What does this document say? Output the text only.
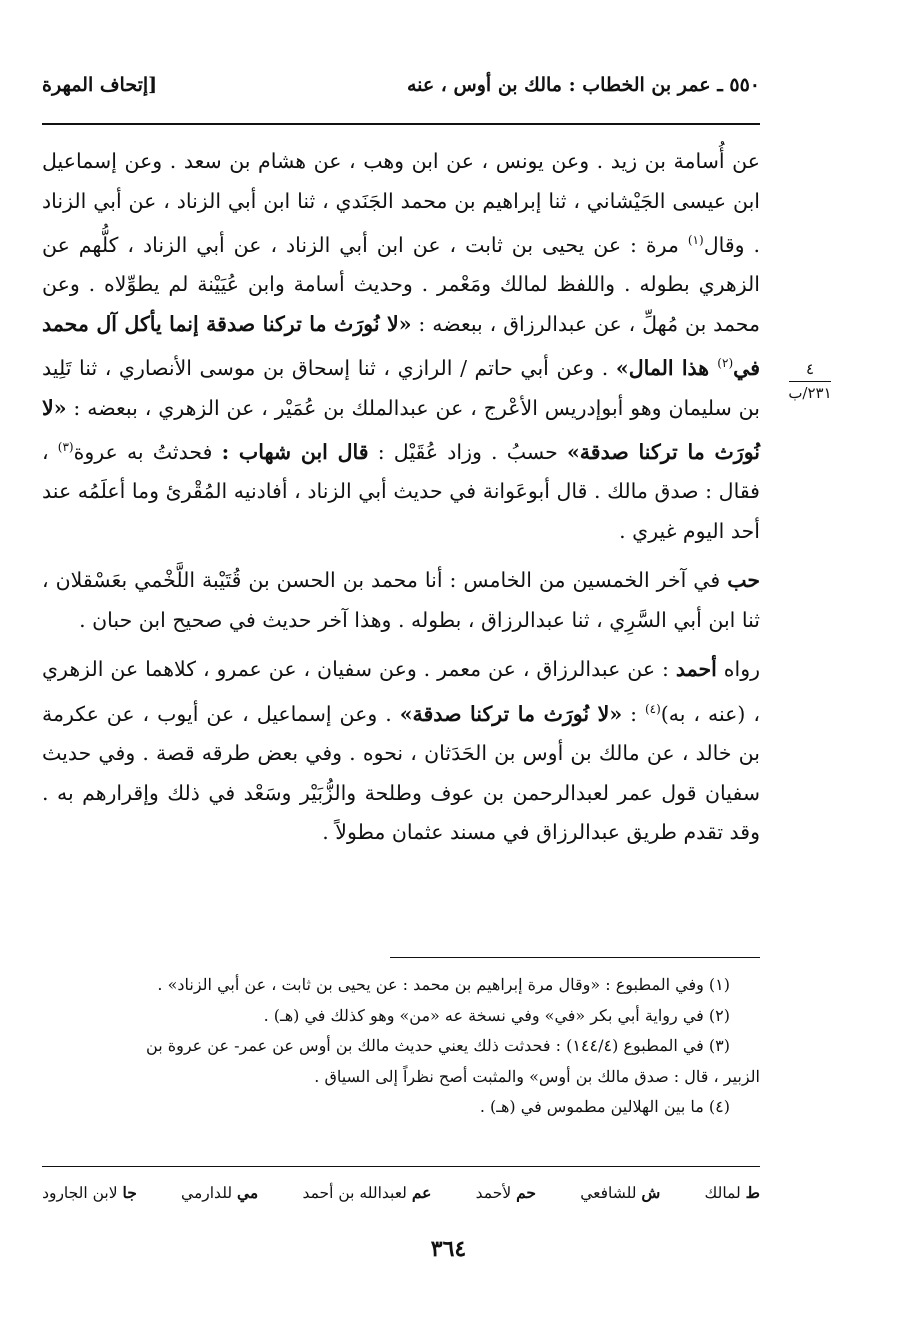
٥٥٠ ـ عمر بن الخطاب : مالك بن أوس ، عنه
[إتحاف المهرة
٤
٢٣١/ب

عن أُسامة بن زيد . وعن يونس ، عن ابن وهب ، عن هشام بن سعد . وعن إسماعيل ابن عيسى الجَيْشاني ، ثنا إبراهيم بن محمد الجَنَدي ، ثنا ابن أبي الزناد ، عن أبي الزناد . وقال$^{(١)}$ مرة : عن يحيى بن ثابت ، عن ابن أبي الزناد ، عن أبي الزناد ، كلُّهم عن الزهري بطوله . واللفظ لمالك ومَعْمر . وحديث أسامة وابن عُيَيْنة لم يطوِّلاه . وعن محمد بن مُهلِّ ، عن عبدالرزاق ، ببعضه : «لا نُورَث ما تركنا صدقة إنما يأكل آل محمد في$^{(٢)}$ هذا المال» . وعن أبي حاتم / الرازي ، ثنا إسحاق بن موسى الأنصاري ، ثنا تَلِيد بن سليمان وهو أبوإدريس الأعْرج ، عن عبدالملك بن عُمَيْر ، عن الزهري ، ببعضه : «لا نُورَث ما تركنا صدقة» حسبُ . وزاد عُقَيْل : قال ابن شهاب : فحدثتُ به عروة$^{(٣)}$ ، فقال : صدق مالك . قال أبوعَوانة في حديث أبي الزناد ، أفادنيه المُقْرئ وما أعلَمُه عند أحد اليوم غيري .

حب في آخر الخمسين من الخامس : أنا محمد بن الحسن بن قُتَيْبة اللَّخْمي بعَسْقلان ، ثنا ابن أبي السَّرِي ، ثنا عبدالرزاق ، بطوله . وهذا آخر حديث في صحيح ابن حبان .

رواه أحمد : عن عبدالرزاق ، عن معمر . وعن سفيان ، عن عمرو ، كلاهما عن الزهري ، (عنه ، به)$^{(٤)}$ : «لا نُورَث ما تركنا صدقة» . وعن إسماعيل ، عن أيوب ، عن عكرمة بن خالد ، عن مالك بن أوس بن الحَدَثان ، نحوه . وفي بعض طرقه قصة . وفي حديث سفيان قول عمر لعبدالرحمن بن عوف وطلحة والزُّبَيْر وسَعْد في ذلك وإقرارهم به . وقد تقدم طريق عبدالرزاق في مسند عثمان مطولاً .

(١) وفي المطبوع : «وقال مرة إبراهيم بن محمد : عن يحيى بن ثابت ، عن أبي الزناد» .
(٢) في رواية أبي بكر «في» وفي نسخة عه «من» وهو كذلك في (هـ) .
(٣) في المطبوع (١٤٤/٤) : فحدثت ذلك يعني حديث مالك بن أوس عن عمر- عن عروة بن
الزبير ، قال : صدق مالك بن أوس» والمثبت أصح نظراً إلى السياق .
(٤) ما بين الهلالين مطموس في (هـ) .
ط لمالك
ش للشافعي
حم لأحمد
عم لعبدالله بن أحمد
مي للدارمي
جا لابن الجارود
٣٦٤
